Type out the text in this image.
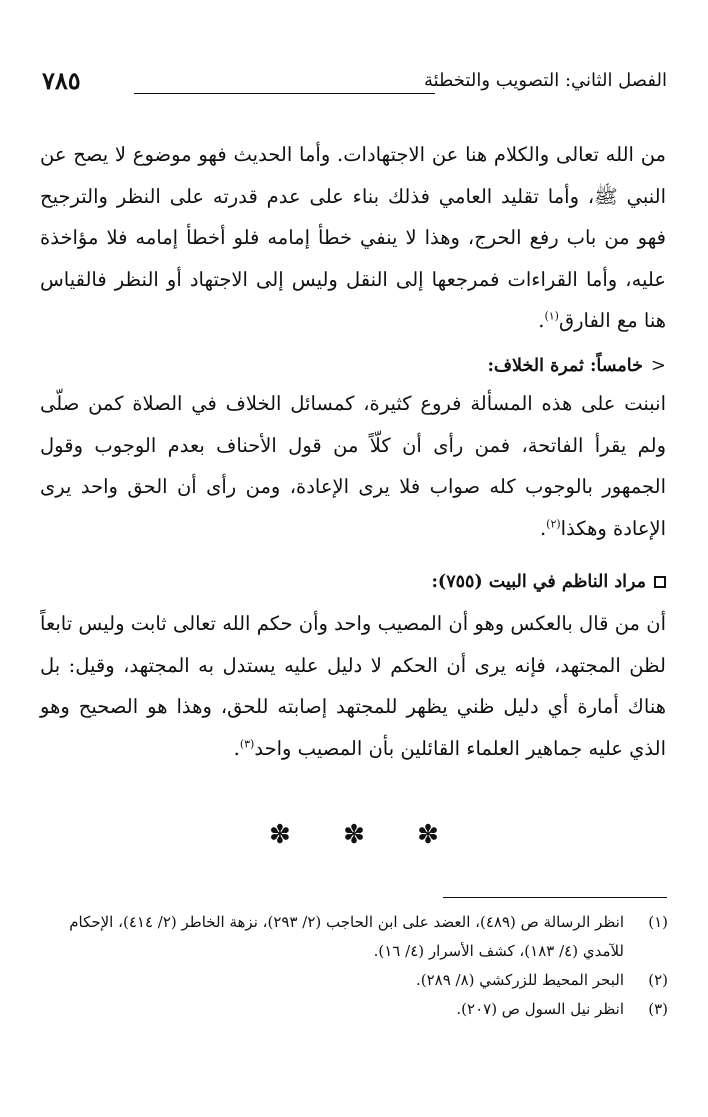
٧٨٥	الفصل الثاني: التصويب والتخطئة
من الله تعالى والكلام هنا عن الاجتهادات. وأما الحديث فهو موضوع لا يصح عن النبي ﷺ، وأما تقليد العامي فذلك بناء على عدم قدرته على النظر والترجيح فهو من باب رفع الحرج، وهذا لا ينفي خطأ إمامه فلو أخطأ إمامه فلا مؤاخذة عليه، وأما القراءات فمرجعها إلى النقل وليس إلى الاجتهاد أو النظر فالقياس هنا مع الفارق$^{(١)}$.
<
خامساً: ثمرة الخلاف:
انبنت على هذه المسألة فروع كثيرة، كمسائل الخلاف في الصلاة كمن صلّى ولم يقرأ الفاتحة، فمن رأى أن كلّاً من قول الأحناف بعدم الوجوب وقول الجمهور بالوجوب كله صواب فلا يرى الإعادة، ومن رأى أن الحق واحد يرى الإعادة وهكذا$^{(٢)}$.
مراد الناظم في البيت (٧٥٥):
أن من قال بالعكس وهو أن المصيب واحد وأن حكم الله تعالى ثابت وليس تابعاً لظن المجتهد، فإنه يرى أن الحكم لا دليل عليه يستدل به المجتهد، وقيل: بل هناك أمارة أي دليل ظني يظهر للمجتهد إصابته للحق، وهذا هو الصحيح وهو الذي عليه جماهير العلماء القائلين بأن المصيب واحد$^{(٣)}$.
✽ ✽ ✽
(١)
انظر الرسالة ص (٤٨٩)، العضد على ابن الحاجب (٢/ ٢٩٣)، نزهة الخاطر (٢/ ٤١٤)، الإحكام للآمدي (٤/ ١٨٣)، كشف الأسرار (٤/ ١٦).
(٢)
البحر المحيط للزركشي (٨/ ٢٨٩).
(٣)
انظر نيل السول ص (٢٠٧).
